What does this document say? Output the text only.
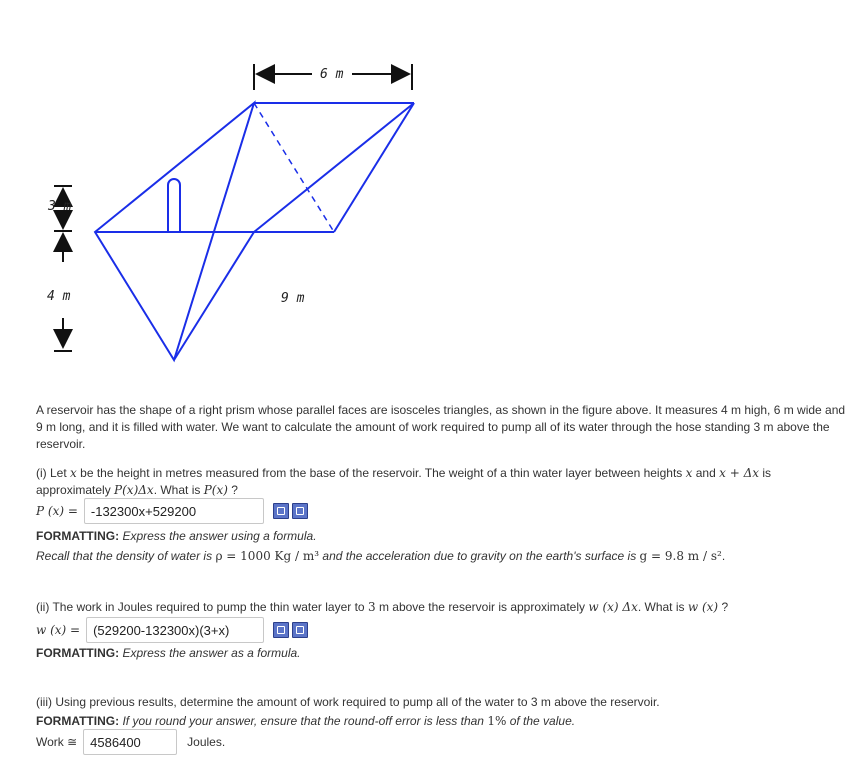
6 m
3 m
4 m	9 m
A reservoir has the shape of a right prism whose parallel faces are isosceles triangles, as shown in the figure above. It measures 4 m high, 6 m wide and 9 m long, and it is filled with water. We want to calculate the amount of work required to pump all of its water through the hose standing 3 m above the reservoir.
(i) Let x be the height in metres measured from the base of the reservoir. The weight of a thin water layer between heights x and x + Δx is approximately P(x)Δx. What is P(x) ?
P (x) =	-132300x+529200
FORMATTING: Express the answer using a formula.
Recall that the density of water is ρ = 1000 Kg / m³ and the acceleration due to gravity on the earth's surface is g = 9.8 m / s².
(ii) The work in Joules required to pump the thin water layer to 3 m above the reservoir is approximately w (x) Δx. What is w (x) ?
w (x) =	(529200-132300x)(3+x)
FORMATTING: Express the answer as a formula.
(iii) Using previous results, determine the amount of work required to pump all of the water to 3 m above the reservoir.
FORMATTING: If you round your answer, ensure that the round-off error is less than 1% of the value.
Work ≅	4586400	Joules.
